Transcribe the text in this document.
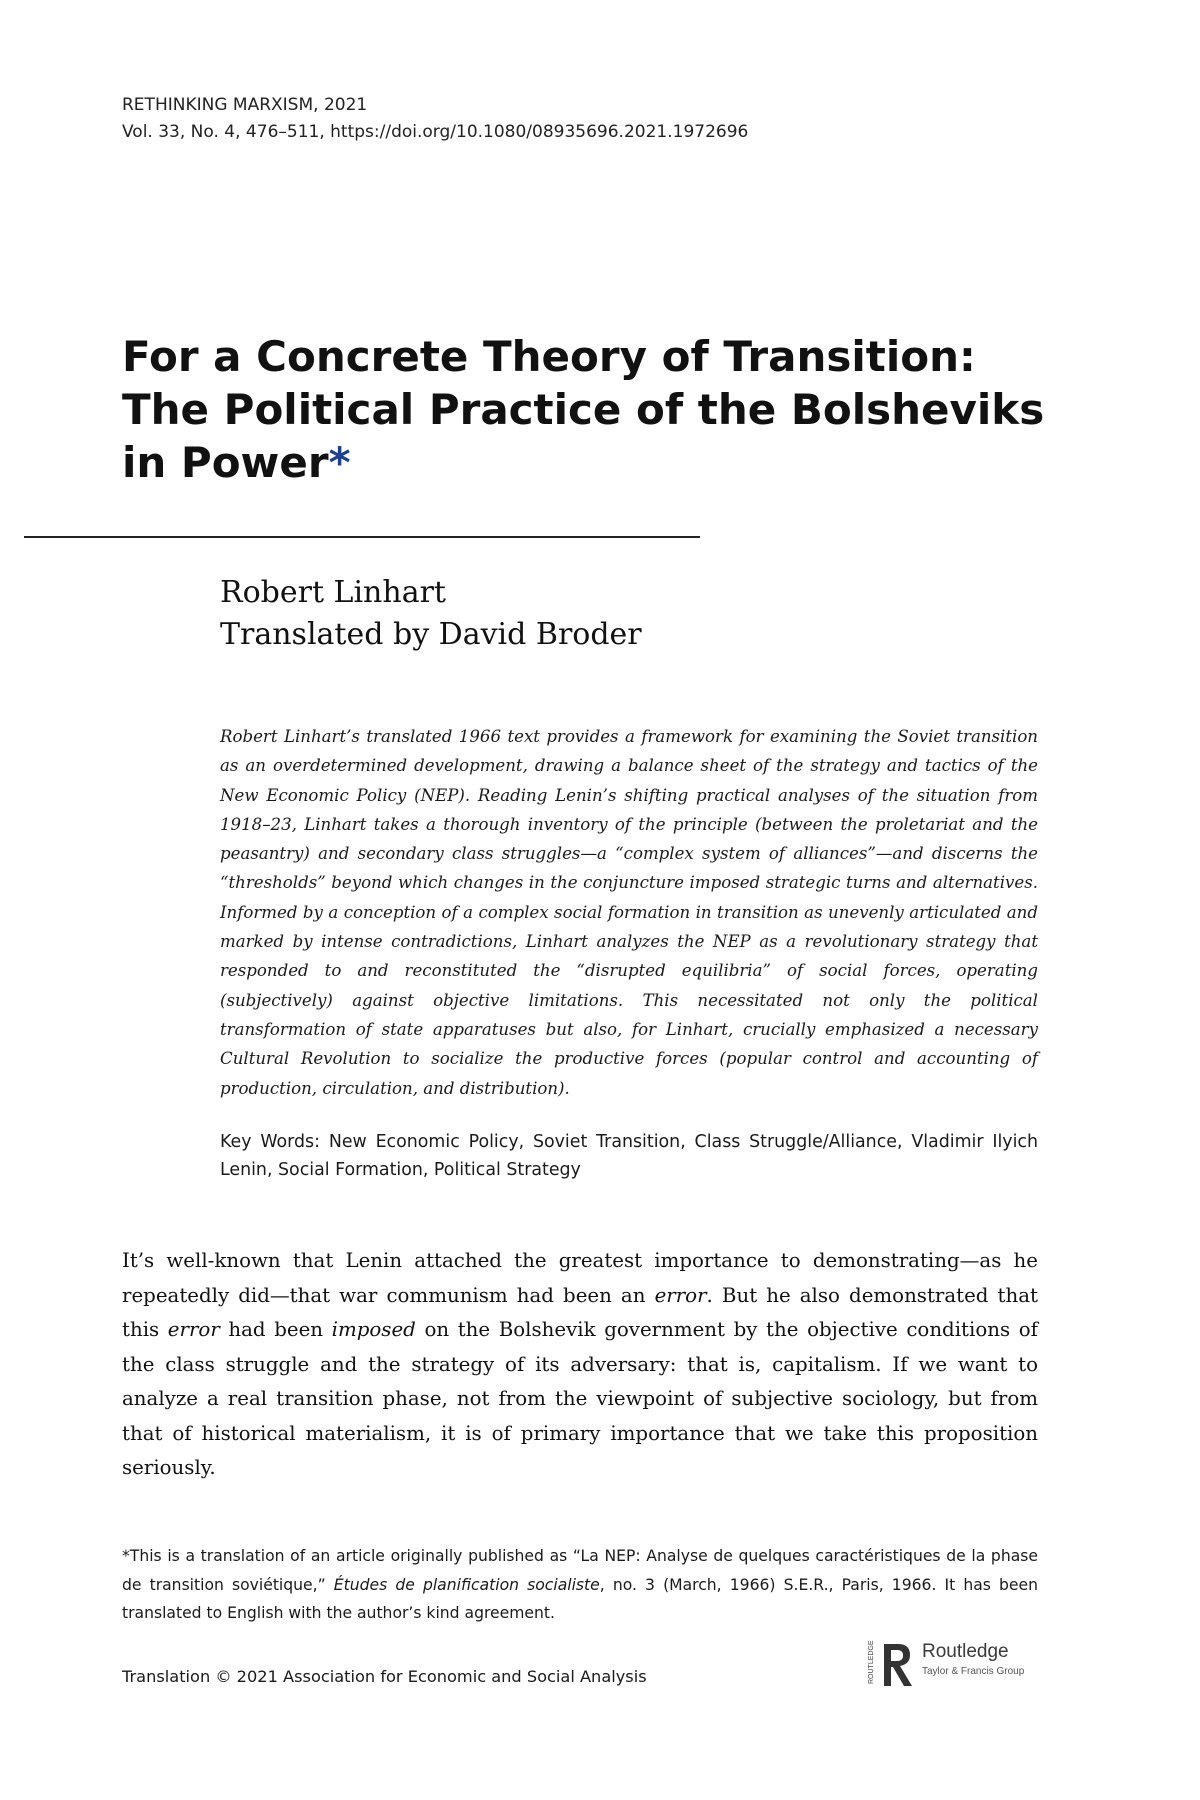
RETHINKING MARXISM, 2021
Vol. 33, No. 4, 476–511, https://doi.org/10.1080/08935696.2021.1972696
For a Concrete Theory of Transition: The Political Practice of the Bolsheviks in Power*
Robert Linhart
Translated by David Broder

Robert Linhart’s translated 1966 text provides a framework for examining the Soviet transition as an overdetermined development, drawing a balance sheet of the strategy and tactics of the New Economic Policy (NEP). Reading Lenin’s shifting practical analyses of the situation from 1918–23, Linhart takes a thorough inventory of the principle (between the proletariat and the peasantry) and secondary class struggles—a “complex system of alliances”—and discerns the “thresholds” beyond which changes in the conjuncture imposed strategic turns and alternatives. Informed by a conception of a complex social formation in transition as unevenly articulated and marked by intense contradictions, Linhart analyzes the NEP as a revolutionary strategy that responded to and reconstituted the “disrupted equilibria” of social forces, operating (subjectively) against objective limitations. This necessitated not only the political transformation of state apparatuses but also, for Linhart, crucially emphasized a necessary Cultural Revolution to socialize the productive forces (popular control and accounting of production, circulation, and distribution).

Key Words: New Economic Policy, Soviet Transition, Class Struggle/Alliance, Vladimir Ilyich Lenin, Social Formation, Political Strategy

It’s well-known that Lenin attached the greatest importance to demonstrating—as he repeatedly did—that war communism had been an error. But he also demonstrated that this error had been imposed on the Bolshevik government by the objective conditions of the class struggle and the strategy of its adversary: that is, capitalism. If we want to analyze a real transition phase, not from the viewpoint of subjective sociology, but from that of historical materialism, it is of primary importance that we take this proposition seriously.

*This is a translation of an article originally published as “La NEP: Analyse de quelques caractéristiques de la phase de transition soviétique,” Études de planification socialiste, no. 3 (March, 1966) S.E.R., Paris, 1966. It has been translated to English with the author’s kind agreement.

Translation © 2021 Association for Economic and Social Analysis	ROUTLEDGE Routledge
Taylor & Francis Group
